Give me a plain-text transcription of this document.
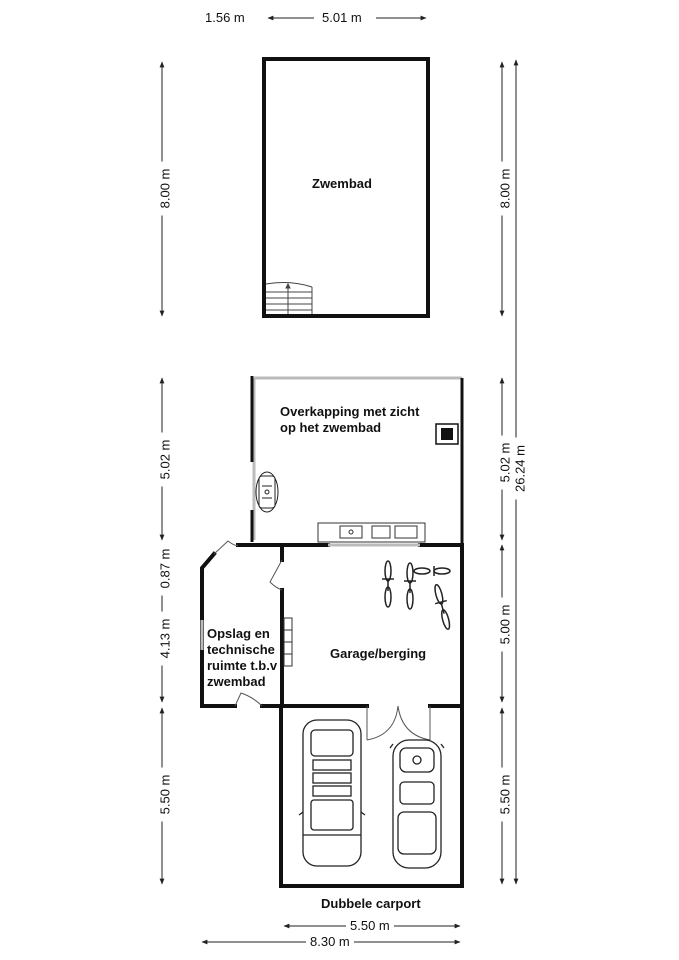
Zwembad
Overkapping met zicht
op het zwembad
Opslag en
technische
ruimte t.b.v
zwembad
Garage/berging
Dubbele carport
1.56 m	5.01 m
8.00 m	8.00 m
5.02 m	5.02 m
0.87 m
4.13 m	5.00 m
5.50 m	5.50 m
26.24 m
5.50 m
8.30 m
